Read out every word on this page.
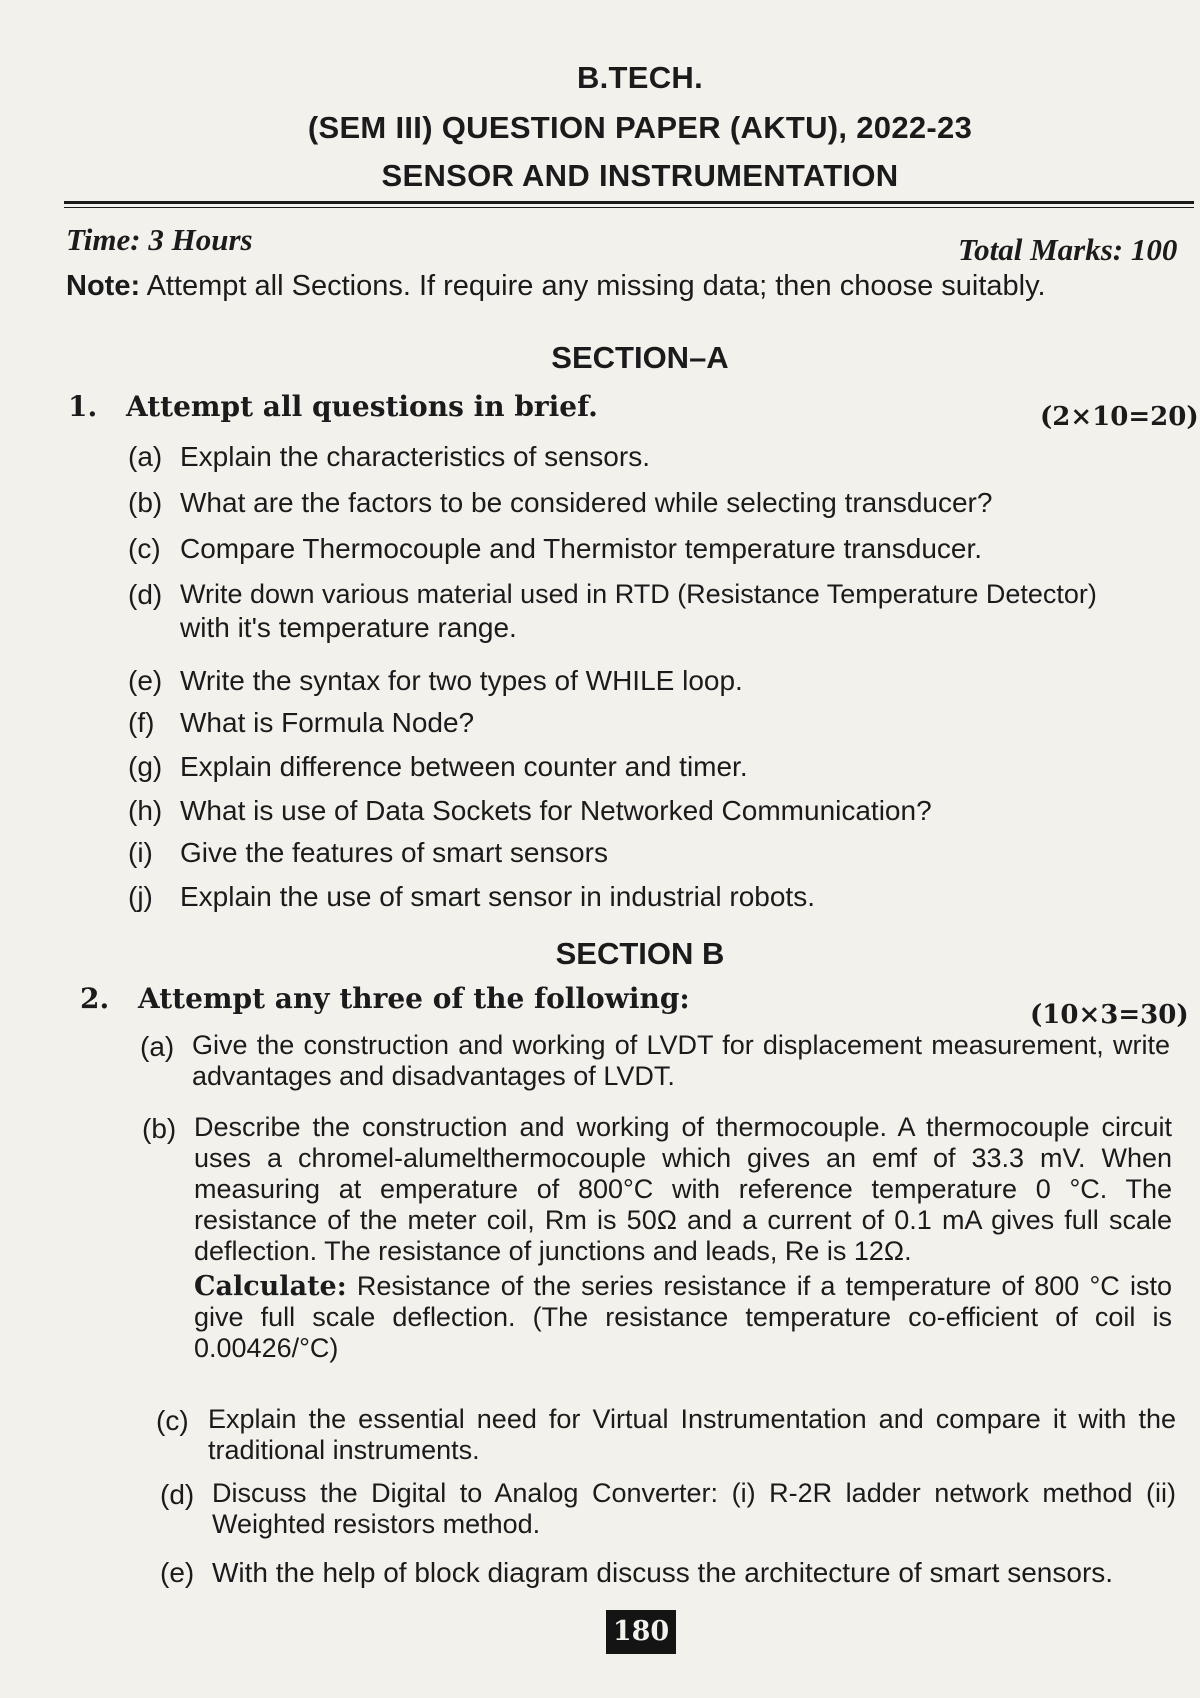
B.TECH.
(SEM III) QUESTION PAPER (AKTU), 2022-23
SENSOR AND INSTRUMENTATION
Time: 3 Hours	Total Marks: 100
Note: Attempt all Sections. If require any missing data; then choose suitably.
SECTION–A
1. Attempt all questions in brief.	(2×10=20)
(a) Explain the characteristics of sensors.
(b) What are the factors to be considered while selecting transducer?
(c) Compare Thermocouple and Thermistor temperature transducer.
(d) Write down various material used in RTD (Resistance Temperature Detector)
with it's temperature range.
(e) Write the syntax for two types of WHILE loop.
(f) What is Formula Node?
(g) Explain difference between counter and timer.
(h) What is use of Data Sockets for Networked Communication?
(i) Give the features of smart sensors
(j) Explain the use of smart sensor in industrial robots.
SECTION B
2. Attempt any three of the following:	(10×3=30)
(a) Give the construction and working of LVDT for displacement measurement, write advantages and disadvantages of LVDT.
(b) Describe the construction and working of thermocouple. A thermocouple circuit uses a chromel-alumelthermocouple which gives an emf of 33.3 mV. When measuring at emperature of 800°C with reference temperature 0 °C. The resistance of the meter coil, Rm is 50Ω and a current of 0.1 mA gives full scale deflection. The resistance of junctions and leads, Re is 12Ω.
Calculate: Resistance of the series resistance if a temperature of 800 °C isto give full scale deflection. (The resistance temperature co-efficient of coil is 0.00426/°C)
(c) Explain the essential need for Virtual Instrumentation and compare it with the traditional instruments.
(d) Discuss the Digital to Analog Converter: (i) R-2R ladder network method (ii) Weighted resistors method.
(e) With the help of block diagram discuss the architecture of smart sensors.
180
